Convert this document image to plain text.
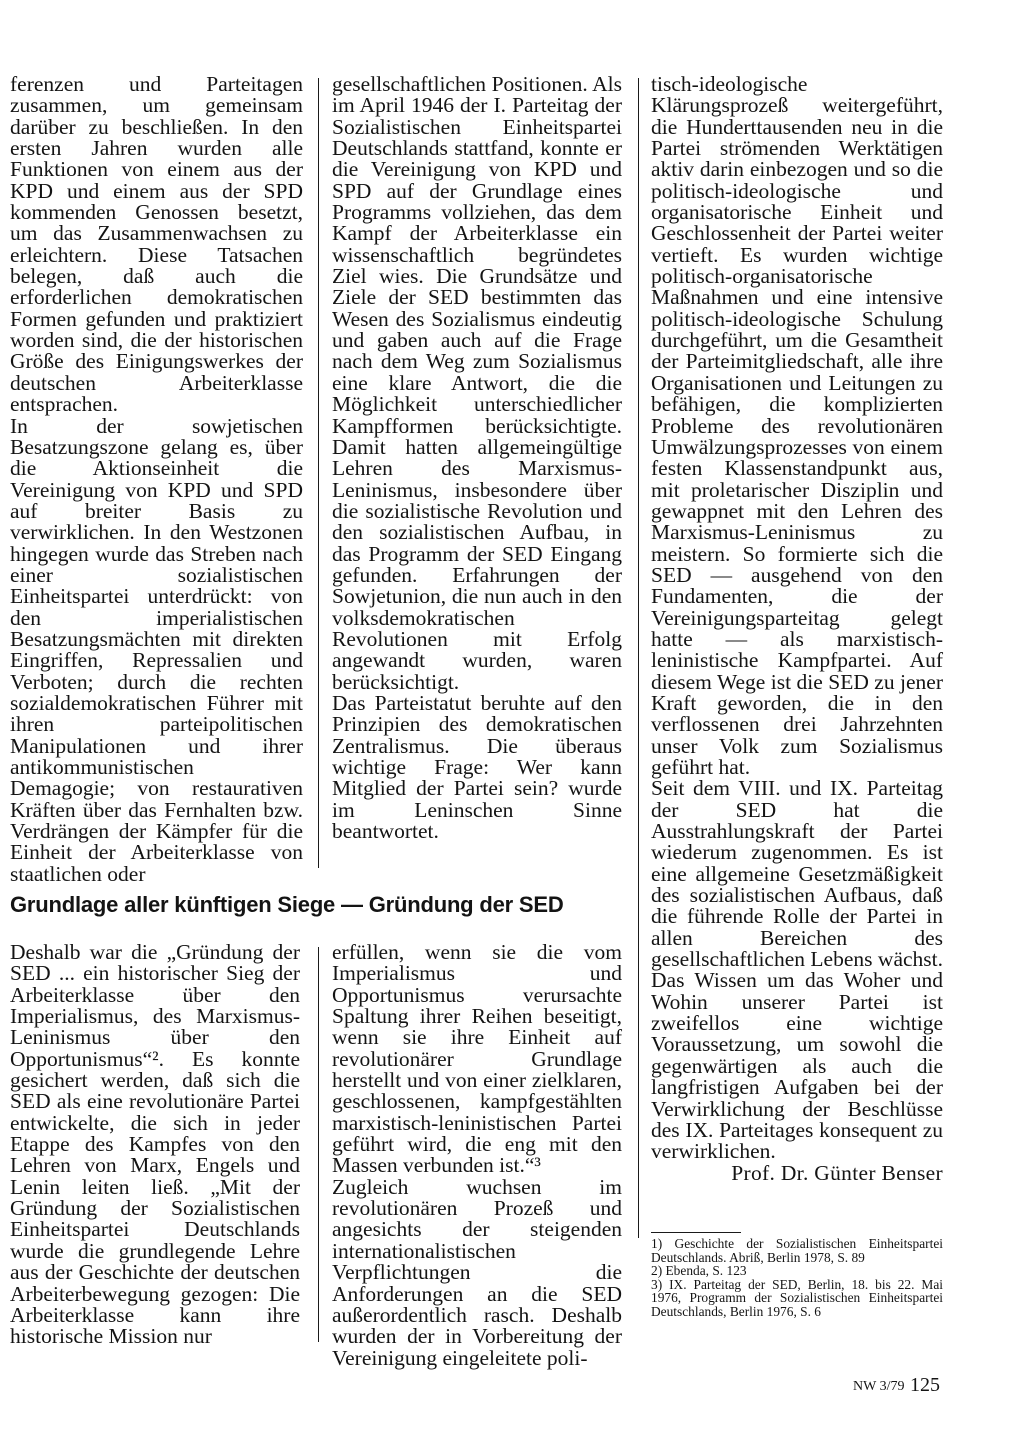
ferenzen und Parteitagen zusammen, um gemeinsam darüber zu beschließen. In den ersten Jahren wurden alle Funktionen von einem aus der KPD und einem aus der SPD kommenden Genossen besetzt, um das Zusammenwachsen zu erleichtern. Diese Tatsachen belegen, daß auch die erforderlichen demokratischen Formen gefunden und praktiziert worden sind, die der historischen Größe des Einigungswerkes der deutschen Arbeiterklasse entsprachen.

In der sowjetischen Besatzungszone gelang es, über die Aktionseinheit die Vereinigung von KPD und SPD auf breiter Basis zu verwirklichen. In den Westzonen hingegen wurde das Streben nach einer sozialistischen Einheitspartei unterdrückt: von den imperialistischen Besatzungsmächten mit direkten Eingriffen, Repressalien und Verboten; durch die rechten sozialdemokratischen Führer mit ihren parteipolitischen Manipulationen und ihrer antikommunistischen Demagogie; von restaurativen Kräften über das Fernhalten bzw. Verdrängen der Kämpfer für die Einheit der Arbeiterklasse von staatlichen oder

gesellschaftlichen Positionen. Als im April 1946 der I. Parteitag der Sozialistischen Einheitspartei Deutschlands stattfand, konnte er die Vereinigung von KPD und SPD auf der Grundlage eines Programms vollziehen, das dem Kampf der Arbeiterklasse ein wissenschaftlich begründetes Ziel wies. Die Grundsätze und Ziele der SED bestimmten das Wesen des Sozialismus eindeutig und gaben auch auf die Frage nach dem Weg zum Sozialismus eine klare Antwort, die die Möglichkeit unterschiedlicher Kampfformen berücksichtigte. Damit hatten allgemeingültige Lehren des Marxismus-Leninismus, insbesondere über die sozialistische Revolution und den sozialistischen Aufbau, in das Programm der SED Eingang gefunden. Erfahrungen der Sowjetunion, die nun auch in den volksdemokratischen Revolutionen mit Erfolg angewandt wurden, waren berücksichtigt.

Das Parteistatut beruhte auf den Prinzipien des demokratischen Zentralismus. Die überaus wichtige Frage: Wer kann Mitglied der Partei sein? wurde im Leninschen Sinne beantwortet.

Grundlage aller künftigen Siege — Gründung der SED

Deshalb war die „Gründung der SED ... ein historischer Sieg der Arbeiterklasse über den Imperialismus, des Marxismus-Leninismus über den Opportunismus“². Es konnte gesichert werden, daß sich die SED als eine revolutionäre Partei entwickelte, die sich in jeder Etappe des Kampfes von den Lehren von Marx, Engels und Lenin leiten ließ. „Mit der Gründung der Sozialistischen Einheitspartei Deutschlands wurde die grundlegende Lehre aus der Geschichte der deutschen Arbeiterbewegung gezogen: Die Arbeiterklasse kann ihre historische Mission nur

erfüllen, wenn sie die vom Imperialismus und Opportunismus verursachte Spaltung ihrer Reihen beseitigt, wenn sie ihre Einheit auf revolutionärer Grundlage herstellt und von einer zielklaren, geschlossenen, kampfgestählten marxistisch-leninistischen Partei geführt wird, die eng mit den Massen verbunden ist.“³

Zugleich wuchsen im revolutionären Prozeß und angesichts der steigenden internationalistischen Verpflichtungen die Anforderungen an die SED außerordentlich rasch. Deshalb wurden der in Vorbereitung der Vereinigung eingeleitete poli-

tisch-ideologische Klärungsprozeß weitergeführt, die Hunderttausenden neu in die Partei strömenden Werktätigen aktiv darin einbezogen und so die politisch-ideologische und organisatorische Einheit und Geschlossenheit der Partei weiter vertieft. Es wurden wichtige politisch-organisatorische Maßnahmen und eine intensive politisch-ideologische Schulung durchgeführt, um die Gesamtheit der Parteimitgliedschaft, alle ihre Organisationen und Leitungen zu befähigen, die komplizierten Probleme des revolutionären Umwälzungsprozesses von einem festen Klassenstandpunkt aus, mit proletarischer Disziplin und gewappnet mit den Lehren des Marxismus-Leninismus zu meistern. So formierte sich die SED — ausgehend von den Fundamenten, die der Vereinigungsparteitag gelegt hatte — als marxistisch-leninistische Kampfpartei. Auf diesem Wege ist die SED zu jener Kraft geworden, die in den verflossenen drei Jahrzehnten unser Volk zum Sozialismus geführt hat.

Seit dem VIII. und IX. Parteitag der SED hat die Ausstrahlungskraft der Partei wiederum zugenommen. Es ist eine allgemeine Gesetzmäßigkeit des sozialistischen Aufbaus, daß die führende Rolle der Partei in allen Bereichen des gesellschaftlichen Lebens wächst. Das Wissen um das Woher und Wohin unserer Partei ist zweifellos eine wichtige Voraussetzung, um sowohl die gegenwärtigen als auch die langfristigen Aufgaben bei der Verwirklichung der Beschlüsse des IX. Parteitages konsequent zu verwirklichen.

Prof. Dr. Günter Benser

1) Geschichte der Sozialistischen Einheitspartei Deutschlands. Abriß, Berlin 1978, S. 89

2) Ebenda, S. 123

3) IX. Parteitag der SED, Berlin, 18. bis 22. Mai 1976, Programm der Sozialistischen Einheitspartei Deutschlands, Berlin 1976, S. 6

NW 3/79 125
